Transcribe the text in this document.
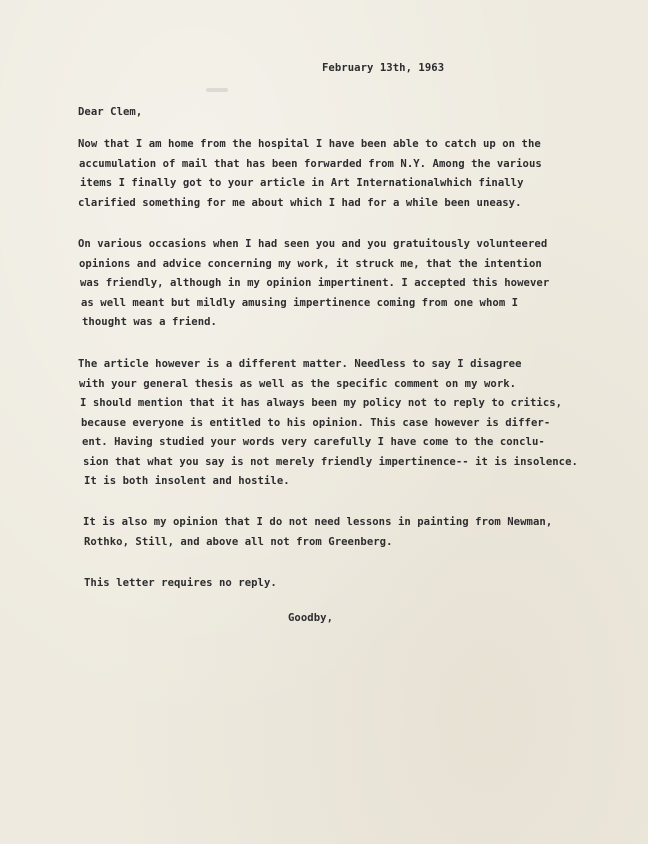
February 13th, 1963
Dear Clem,
Now that I am home from the hospital I have been able to catch up on the
accumulation of mail that has been forwarded from N.Y. Among the various
items I finally got to your article in Art Internationalwhich finally
clarified something for me about which I had for a while been uneasy.
On various occasions when I had seen you and you gratuitously volunteered
opinions and advice concerning my work, it struck me, that the intention
was friendly, although in my opinion impertinent. I accepted this however
as well meant but mildly amusing impertinence coming from one whom I
thought was a friend.
The article however is a different matter. Needless to say I disagree
with your general thesis as well as the specific comment on my work.
I should mention that it has always been my policy not to reply to critics,
because everyone is entitled to his opinion. This case however is differ-
ent. Having studied your words very carefully I have come to the conclu-
sion that what you say is not merely friendly impertinence-- it is insolence.
It is both insolent and hostile.
It is also my opinion that I do not need lessons in painting from Newman,
Rothko, Still, and above all not from Greenberg.
This letter requires no reply.
Goodby,
